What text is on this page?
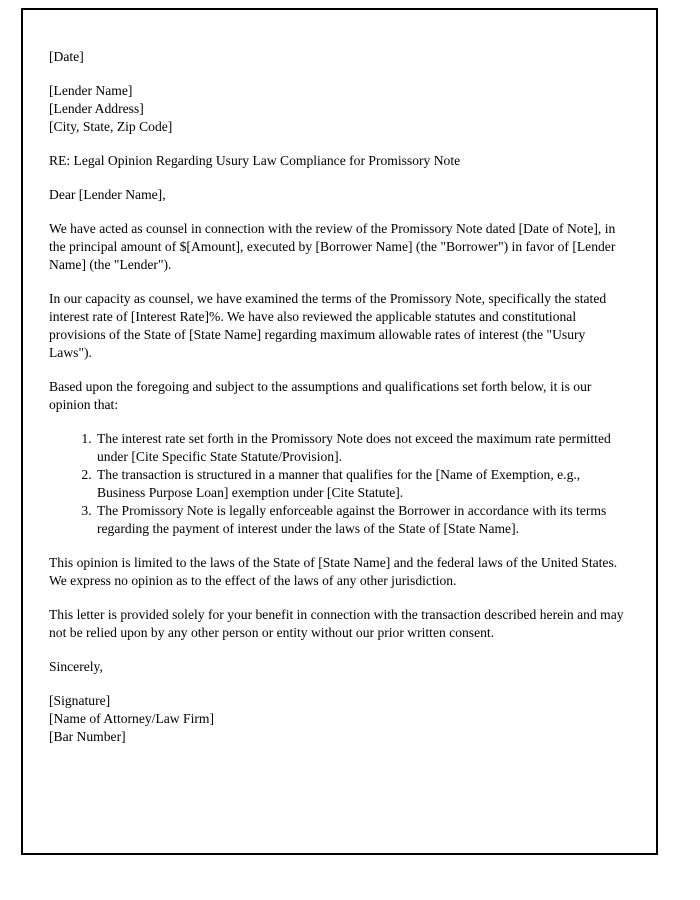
[Date]

[Lender Name]
[Lender Address]
[City, State, Zip Code]

RE: Legal Opinion Regarding Usury Law Compliance for Promissory Note

Dear [Lender Name],

We have acted as counsel in connection with the review of the Promissory Note dated [Date of Note], in the principal amount of $[Amount], executed by [Borrower Name] (the "Borrower") in favor of [Lender Name] (the "Lender").

In our capacity as counsel, we have examined the terms of the Promissory Note, specifically the stated interest rate of [Interest Rate]%. We have also reviewed the applicable statutes and constitutional provisions of the State of [State Name] regarding maximum allowable rates of interest (the "Usury Laws").

Based upon the foregoing and subject to the assumptions and qualifications set forth below, it is our opinion that:

1. The interest rate set forth in the Promissory Note does not exceed the maximum rate permitted under [Cite Specific State Statute/Provision].
2. The transaction is structured in a manner that qualifies for the [Name of Exemption, e.g., Business Purpose Loan] exemption under [Cite Statute].
3. The Promissory Note is legally enforceable against the Borrower in accordance with its terms regarding the payment of interest under the laws of the State of [State Name].

This opinion is limited to the laws of the State of [State Name] and the federal laws of the United States. We express no opinion as to the effect of the laws of any other jurisdiction.

This letter is provided solely for your benefit in connection with the transaction described herein and may not be relied upon by any other person or entity without our prior written consent.

Sincerely,

[Signature]
[Name of Attorney/Law Firm]
[Bar Number]
